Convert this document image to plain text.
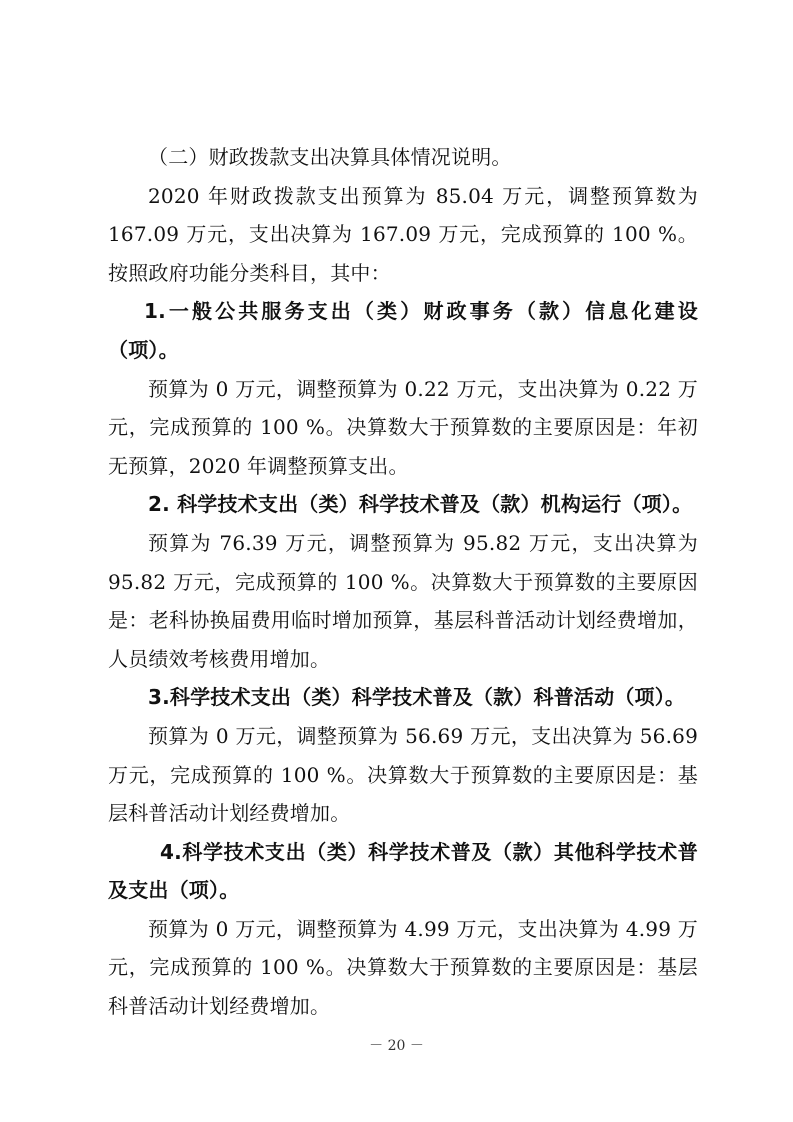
（二）财政拨款支出决算具体情况说明。

2020 年财政拨款支出预算为 85.04 万元，调整预算数为167.09 万元，支出决算为 167.09 万元，完成预算的 100 %。按照政府功能分类科目，其中：

1.一般公共服务支出（类）财政事务（款）信息化建设（项）。

预算为 0 万元，调整预算为 0.22 万元，支出决算为 0.22 万元，完成预算的 100 %。决算数大于预算数的主要原因是：年初无预算，2020 年调整预算支出。

2. 科学技术支出（类）科学技术普及（款）机构运行（项）。

预算为 76.39 万元，调整预算为 95.82 万元，支出决算为95.82 万元，完成预算的 100 %。决算数大于预算数的主要原因是：老科协换届费用临时增加预算，基层科普活动计划经费增加，人员绩效考核费用增加。

3.科学技术支出（类）科学技术普及（款）科普活动（项）。

预算为 0 万元，调整预算为 56.69 万元，支出决算为 56.69 万元，完成预算的 100 %。决算数大于预算数的主要原因是：基层科普活动计划经费增加。

4.科学技术支出（类）科学技术普及（款）其他科学技术普及支出（项）。

预算为 0 万元，调整预算为 4.99 万元，支出决算为 4.99 万元，完成预算的 100 %。决算数大于预算数的主要原因是：基层科普活动计划经费增加。

－ 20 －
